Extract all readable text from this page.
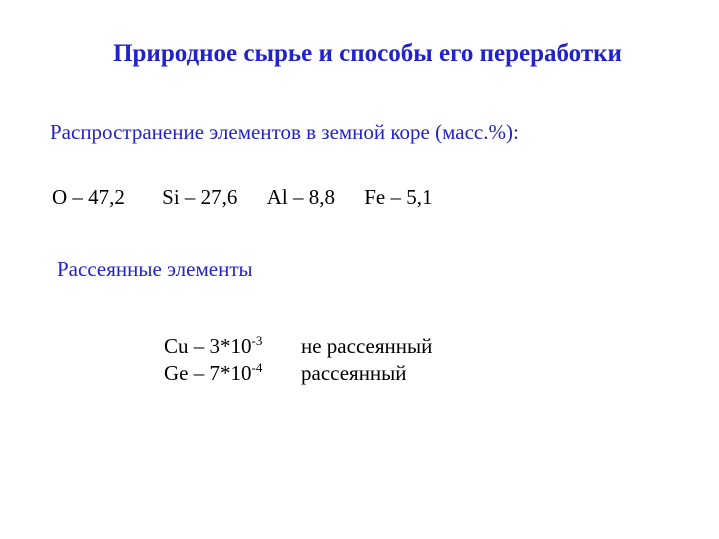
Природное сырье и способы его переработки
Распространение элементов в земной коре (масс.%):
O – 47,2 Si – 27,6 Al – 8,8 Fe – 5,1
Рассеянные элементы
Cu – $3*10^{-3}$	не рассеянный
Ge – $7*10^{-4}$	рассеянный
